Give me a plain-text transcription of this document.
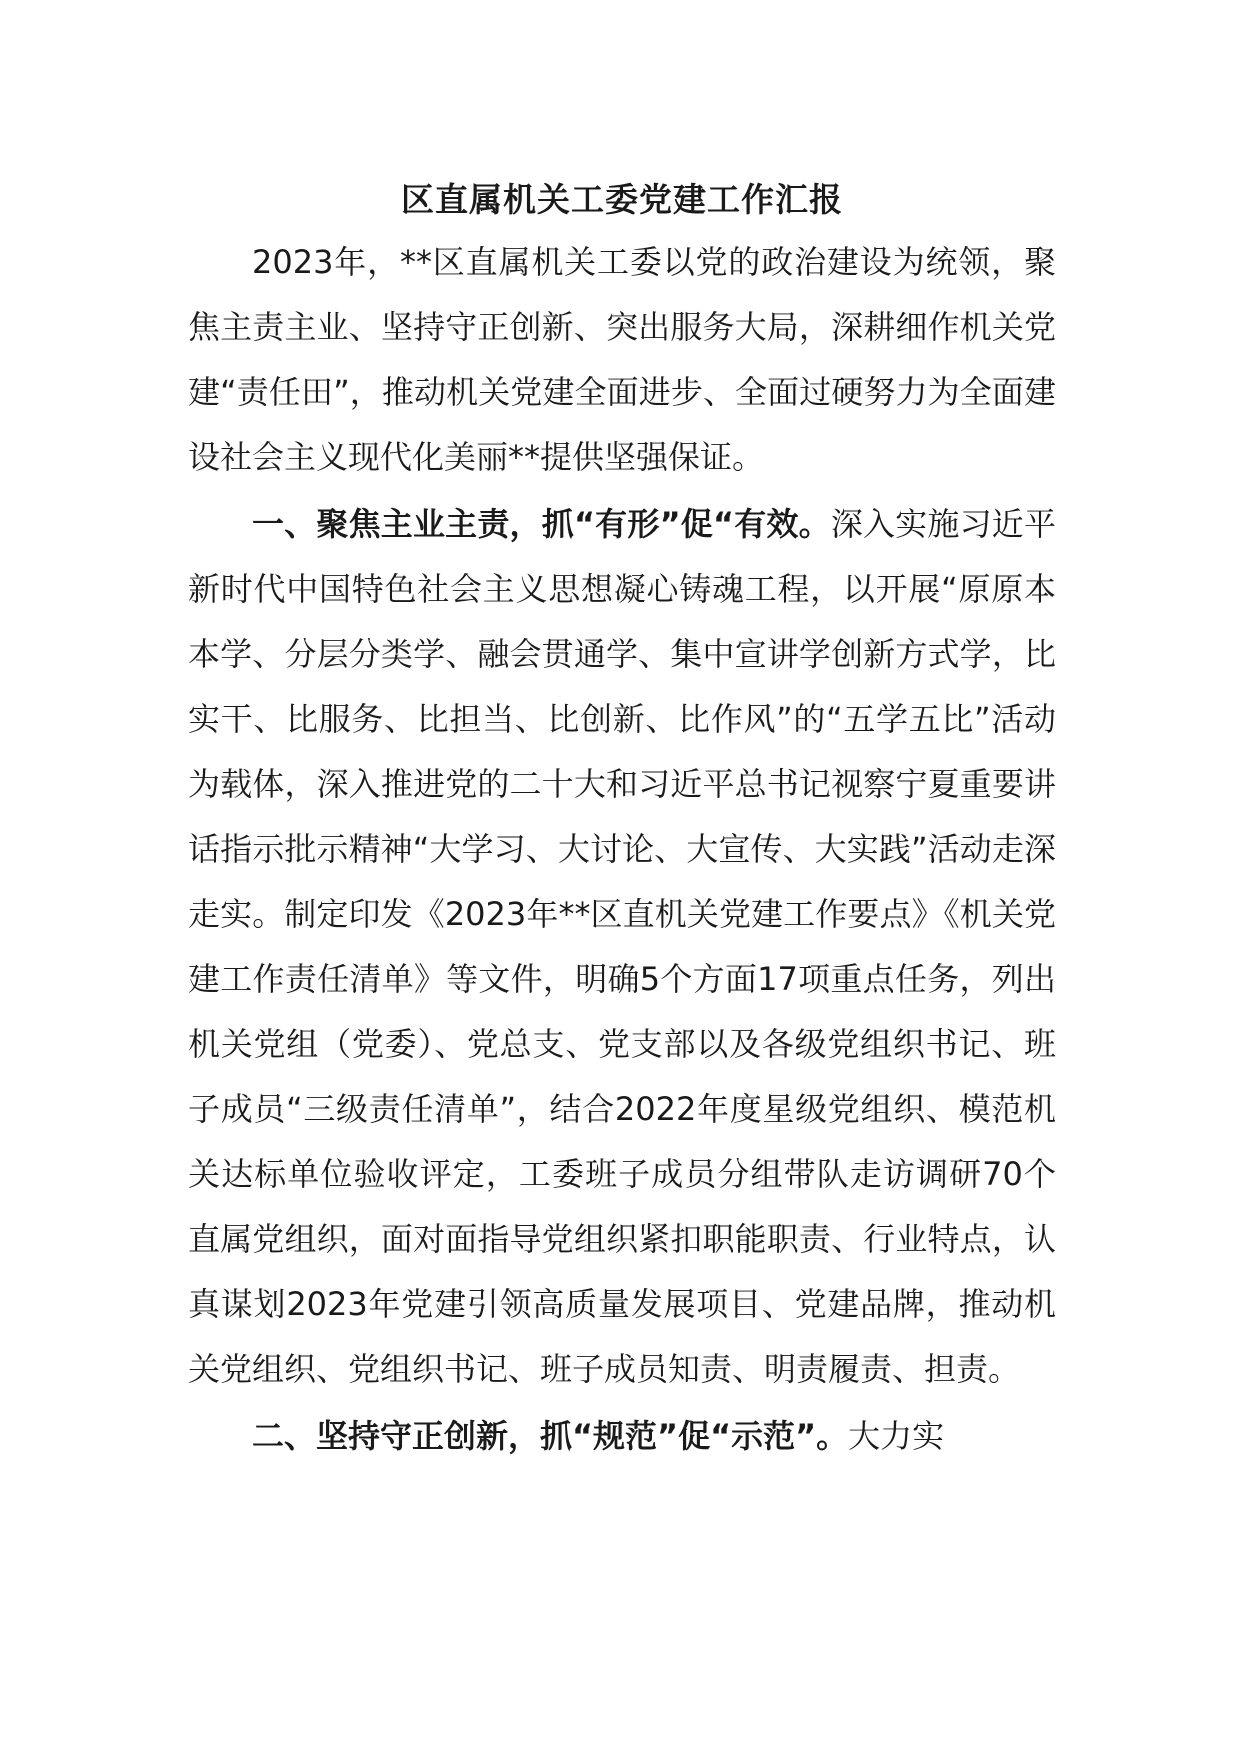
区直属机关工委党建工作汇报

2023年，**区直属机关工委以党的政治建设为统领，聚焦主责主业、坚持守正创新、突出服务大局，深耕细作机关党建“责任田”，推动机关党建全面进步、全面过硬努力为全面建设社会主义现代化美丽**提供坚强保证。

一、聚焦主业主责，抓“有形”促“有效。深入实施习近平新时代中国特色社会主义思想凝心铸魂工程，以开展“原原本本学、分层分类学、融会贯通学、集中宣讲学创新方式学，比实干、比服务、比担当、比创新、比作风”的“五学五比”活动为载体，深入推进党的二十大和习近平总书记视察宁夏重要讲话指示批示精神“大学习、大讨论、大宣传、大实践”活动走深走实。制定印发《2023年**区直机关党建工作要点》《机关党建工作责任清单》等文件，明确5个方面17项重点任务，列出机关党组（党委）、党总支、党支部以及各级党组织书记、班子成员“三级责任清单”，结合2022年度星级党组织、模范机关达标单位验收评定，工委班子成员分组带队走访调研70个直属党组织，面对面指导党组织紧扣职能职责、行业特点，认真谋划2023年党建引领高质量发展项目、党建品牌，推动机关党组织、党组织书记、班子成员知责、明责履责、担责。

二、坚持守正创新，抓“规范”促“示范”。大力实
